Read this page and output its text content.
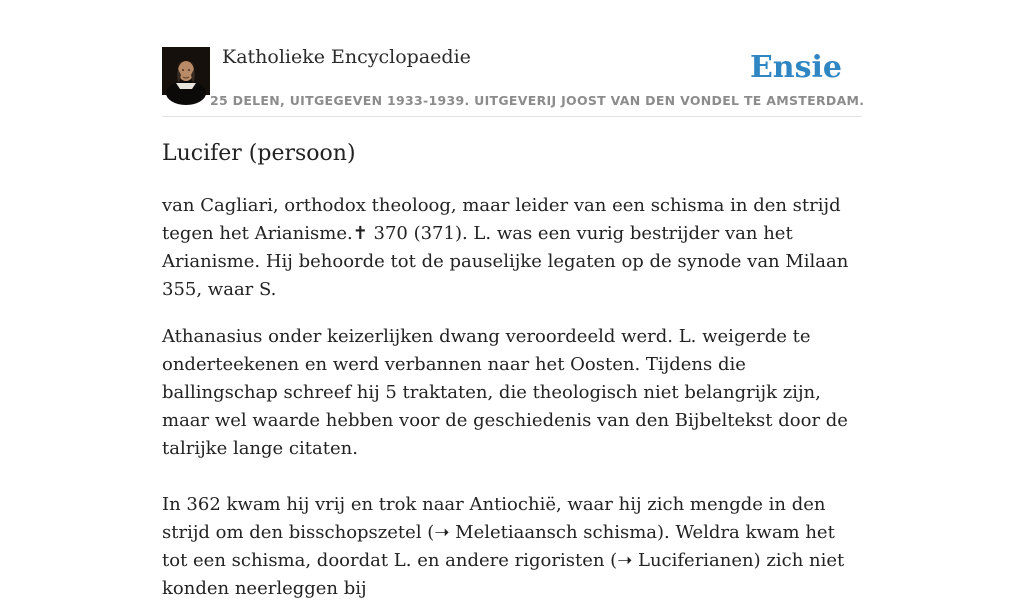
Katholieke Encyclopaedie
25 DELEN, UITGEGEVEN 1933-1939. UITGEVERIJ JOOST VAN DEN VONDEL TE AMSTERDAM.
Ensie
Lucifer (persoon)

van Cagliari, orthodox theoloog, maar leider van een schisma in den strijd tegen het Arianisme.✝ 370 (371). L. was een vurig bestrijder van het Arianisme. Hij behoorde tot de pauselijke legaten op de synode van Milaan 355, waar S.

Athanasius onder keizerlijken dwang veroordeeld werd. L. weigerde te onderteekenen en werd verbannen naar het Oosten. Tijdens die ballingschap schreef hij 5 traktaten, die theologisch niet belangrijk zijn, maar wel waarde hebben voor de geschiedenis van den Bijbeltekst door de talrijke lange citaten.

In 362 kwam hij vrij en trok naar Antiochië, waar hij zich mengde in den strijd om den bisschopszetel (➝ Meletiaansch schisma). Weldra kwam het tot een schisma, doordat L. en andere rigoristen (➝ Luciferianen) zich niet konden neerleggen bij
